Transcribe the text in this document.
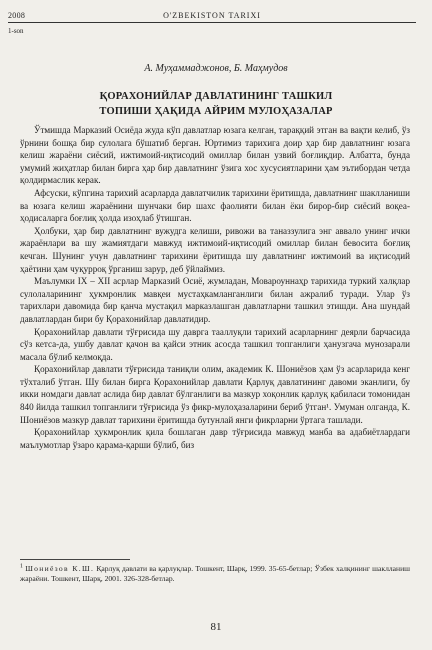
2008	O'ZBEKISTON TARIXI
1-son
А. Муҳаммаджонов, Б. Маҳмудов
ҚОРАХОНИЙЛАР ДАВЛАТИНИНГ ТАШКИЛ
ТОПИШИ ҲАҚИДА АЙРИМ МУЛОҲАЗАЛАР

Ўтмишда Марказий Осиёда жуда кўп давлатлар юзага келган, тараққий этган ва вақти келиб, ўз ўрнини бошқа бир сулолага бўшатиб берган. Юртимиз тарихига доир ҳар бир давлатнинг юзага келиш жараёни сиёсий, ижтимоий-иқтисодий омиллар билан узвий боғлиқдир. Албатта, бунда умумий жиҳатлар билан бирга ҳар бир давлатнинг ўзига хос хусусиятларини ҳам эътибордан четда қолдирмаслик керак.

Афсуски, кўпгина тарихий асарларда давлатчилик тарихини ёритишда, давлатнинг шаклланиши ва юзага келиш жараёнини шунчаки бир шахс фаолияти билан ёки бирор-бир сиёсий воқеа-ҳодисаларга боғлиқ ҳолда изоҳлаб ўтишган.

Ҳолбуки, ҳар бир давлатнинг вужудга келиши, ривожи ва таназзулига энг аввало унинг ички жараёнлари ва шу жамиятдаги мавжуд ижтимоий-иқтисодий омиллар билан бевосита боғлиқ кечган. Шунинг учун давлатнинг тарихини ёритишда шу давлатнинг ижтимоий ва иқтисодий ҳаётини ҳам чуқурроқ ўрганиш зарур, деб ўйлаймиз.

Маълумки IX – XII асрлар Марказий Осиё, жумладан, Мовароуннаҳр тарихида туркий халқлар сулолаларининг ҳукмронлик мавқеи мустаҳкамланганлиги билан ажралиб туради. Улар ўз тарихлари давомида бир қанча мустақил марказлашган давлатларни ташкил этишди. Ана шундай давлатлардан бири бу Қорахонийлар давлатидир.

Қорахонийлар давлати тўғрисида шу даврга тааллуқли тарихий асарларнинг деярли барчасида сўз кетса-да, ушбу давлат қачон ва қайси этник асосда ташкил топганлиги ҳанузгача мунозарали масала бўлиб келмоқда.

Қорахонийлар давлати тўғрисида таниқли олим, академик К. Шониёзов ҳам ўз асарларида кенг тўхталиб ўтган. Шу билан бирга Қорахонийлар давлати Қарлуқ давлатининг давоми эканлиги, бу икки номдаги давлат аслида бир давлат бўлганлиги ва мазкур хоқонлик қарлуқ қабиласи томонидан 840 йилда ташкил топганлиги тўғрисида ўз фикр-мулоҳазаларини бериб ўтган¹. Умуман олганда, К. Шониёзов мазкур давлат тарихини ёритишда бутунлай янги фикрларни ўртага ташлади.

Қорахонийлар ҳукмронлик қила бошлаган давр тўғрисида мавжуд манба ва адабиётлардаги маълумотлар ўзаро қарама-қарши бўлиб, биз

$^1$ Шониёзов К.Ш. Қарлуқ давлати ва қарлуқлар. Тошкент, Шарқ, 1999. 35-65-бетлар; Ўзбек халқининг шаклланиш жараёни. Тошкент, Шарқ, 2001. 326-328-бетлар.
81
